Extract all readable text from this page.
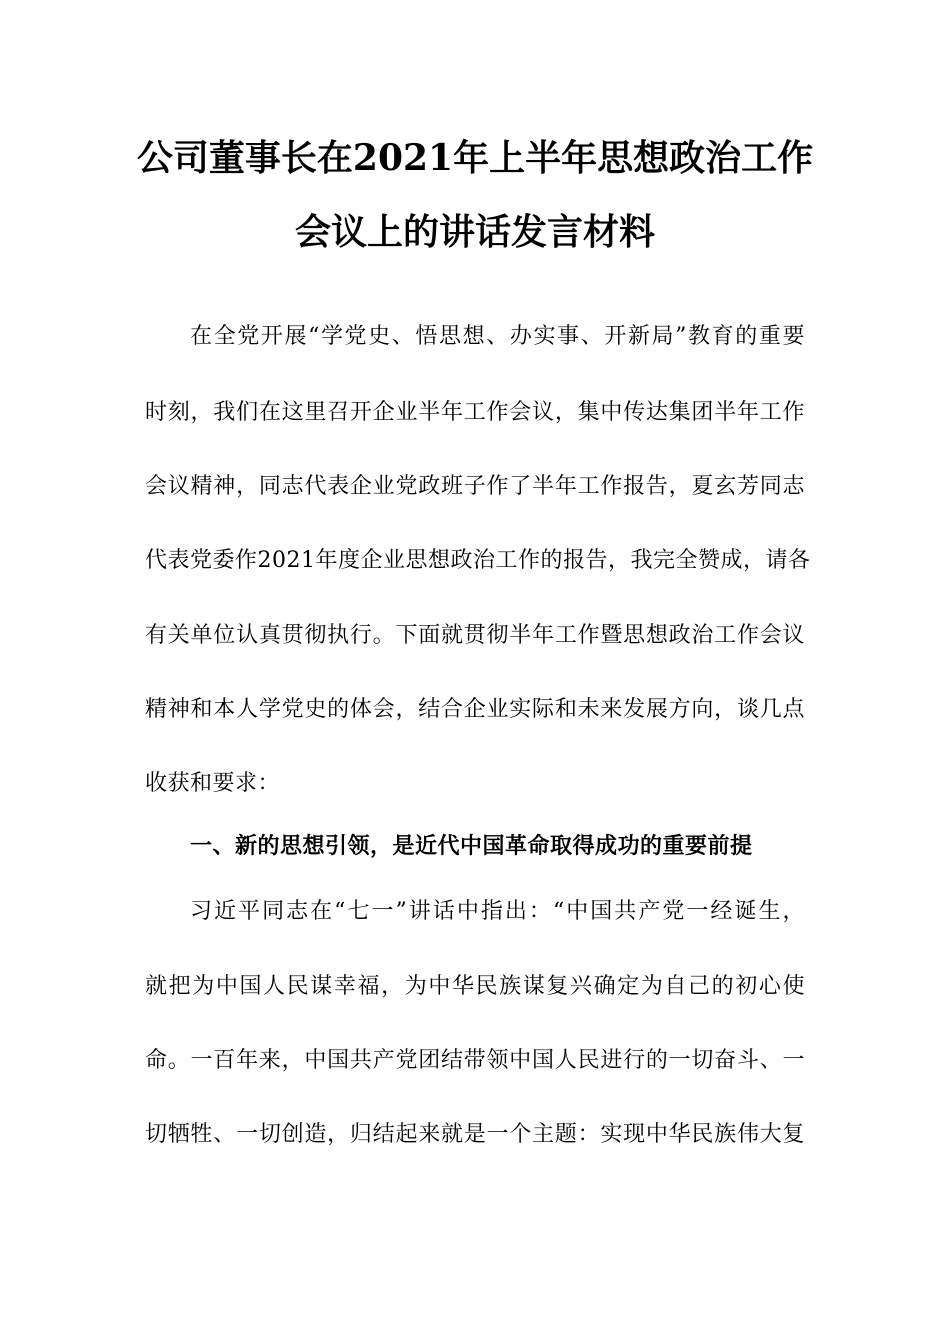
公司董事长在2021年上半年思想政治工作
会议上的讲话发言材料
在全党开展“学党史、悟思想、办实事、开新局”教育的重要
时刻，我们在这里召开企业半年工作会议，集中传达集团半年工作
会议精神，同志代表企业党政班子作了半年工作报告，夏玄芳同志
代表党委作2021年度企业思想政治工作的报告，我完全赞成，请各
有关单位认真贯彻执行。下面就贯彻半年工作暨思想政治工作会议
精神和本人学党史的体会，结合企业实际和未来发展方向，谈几点
收获和要求：
一、新的思想引领，是近代中国革命取得成功的重要前提
习近平同志在“七一”讲话中指出：“中国共产党一经诞生，
就把为中国人民谋幸福，为中华民族谋复兴确定为自己的初心使
命。一百年来，中国共产党团结带领中国人民进行的一切奋斗、一
切牺牲、一切创造，归结起来就是一个主题：实现中华民族伟大复
